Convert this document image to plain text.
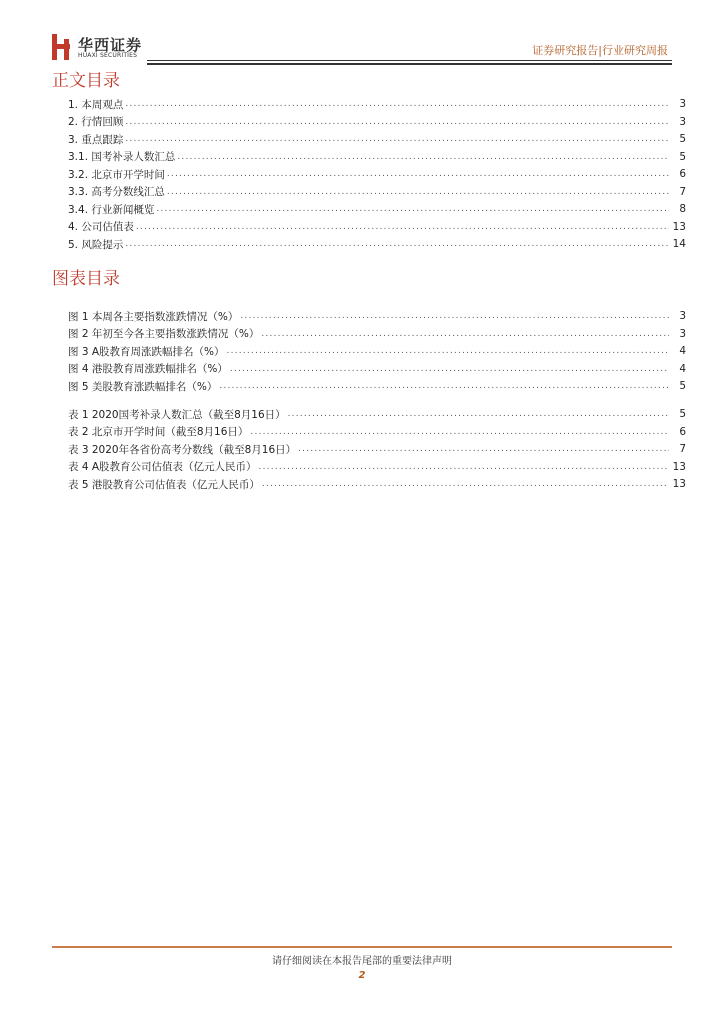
华西证券
HUAXI SECURITIES	证券研究报告|行业研究周报
正文目录
1. 本周观点 .....	3
2. 行情回顾 .....	3
3. 重点跟踪 .....	5
3.1. 国考补录人数汇总 .....	5
3.2. 北京市开学时间 .....	6
3.3. 高考分数线汇总 .....	7
3.4. 行业新闻概览 .....	8
4. 公司估值表 .....	13
5. 风险提示 .....	14
图表目录
图 1 本周各主要指数涨跌情况（%） .....	3
图 2 年初至今各主要指数涨跌情况（%） .....	3
图 3 A股教育周涨跌幅排名（%） .....	4
图 4 港股教育周涨跌幅排名（%） .....	4
图 5 美股教育涨跌幅排名（%） .....	5
表 1 2020国考补录人数汇总（截至8月16日） .....	5
表 2 北京市开学时间（截至8月16日） .....	6
表 3 2020年各省份高考分数线（截至8月16日） .....	7
表 4 A股教育公司估值表（亿元人民币） .....	13
表 5 港股教育公司估值表（亿元人民币） .....	13
请仔细阅读在本报告尾部的重要法律声明
2
